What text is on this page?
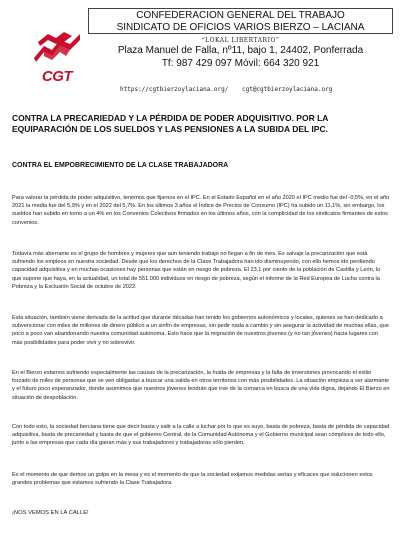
CGT
CONFEDERACION GENERAL DEL TRABAJO
SINDICATO DE OFICIOS VARIOS BIERZO – LACIANA
“LOKAL LIBERTARIO”
Plaza Manuel de Falla, nº11, bajo 1, 24402, Ponferrada
Tf: 987 429 097 Móvil: 664 320 921
https://cgtbierzoylaciana.org/ cgt@cgtbierzoylaciana.org
CONTRA LA PRECARIEDAD Y LA PÉRDIDA DE PODER ADQUISITIVO. POR LA EQUIPARACIÓN DE LOS SUELDOS Y LAS PENSIONES A LA SUBIDA DEL IPC.
CONTRA EL EMPOBRECIMIENTO DE LA CLASE TRABAJADORA

Para valorar la pérdida de poder adquisitivo, tenemos que fijarnos en el IPC. En el Estado Español en el año 2020 el IPC medio fue del -0,5%, en el año 2021 la media fue del 5,9% y en el 2022 del 5,7%. En los últimos 3 años el Índice de Precios de Consumo (IPC) ha subido un 11,1%, sin embargo, los sueldos han subido en torno a un 4% en los Convenios Colectivos firmados en los últimos años, con la complicidad de los sindicatos firmantes de estos convenios.

Todavía más aberrante es el grupo de hombres y mujeres que aun teniendo trabajo no llegan a fin de mes. Es salvaje la precarización que está sufriendo los empleos en nuestra sociedad. Desde que los derechos de la Clase Trabajadora han ido disminuyendo, con ello hemos ido perdiendo capacidad adquisitiva y en muchas ocasiones hay personas que están en riesgo de pobreza. El 23,1 por ciento de la población de Castilla y León, lo que supone que haya, en la actualidad, un total de 551.000 individuos en riesgo de pobreza, según el informe de la Red Europea de Lucha contra la Pobreza y la Exclusión Social de octubre de 2022.

Esta situación, también viene derivada de la actitud que durante décadas han tenido los gobiernos autonómicos y locales, quienes se han dedicado a subvencionar con miles de millones de dinero público a un sinfín de empresas, sin pedir nada a cambio y sin asegurar la actividad de muchas ellas, que poco a poco van abandonando nuestra comunidad autónoma. Esto hace que la migración de nuestros jóvenes (y no tan jóvenes) hacia lugares con más posibilidades para poder vivir y no sobrevivir.

En el Bierzo estamos sufriendo especialmente las causas de la precarización, la huida de empresas y la falta de inversiones provocando el exilio forzado de miles de personas que se ven obligadas a buscar una salida en otros territorios con más posibilidades. La situación empieza a ser alarmante y el futuro poco esperanzador, donde asumimos que nuestros jóvenes tendrán que irse de la comarca en busca de una vida digna, dejando El Bierzo en situación de despoblación.

Con todo esto, la sociedad berciana tiene que decir basta y salir a la calle a luchar por lo que es suyo, basta de pobreza, basta de pérdida de capacidad adquisitiva, basta de precariedad y basta de que el gobierno Central, de la Comunidad Autónoma y el Gobierno municipal sean cómplices de todo ello, junto a las empresas que cada día ganan más y sus trabajadores y trabajadoras sólo pierden.

Es el momento de que demos un golpe en la mesa y es el momento de que la sociedad exijamos medidas serias y eficaces que solucionen estos grandes problemas que estamos sufriendo la Clase Trabajadora.

¡NOS VEMOS EN LA CALLE!
